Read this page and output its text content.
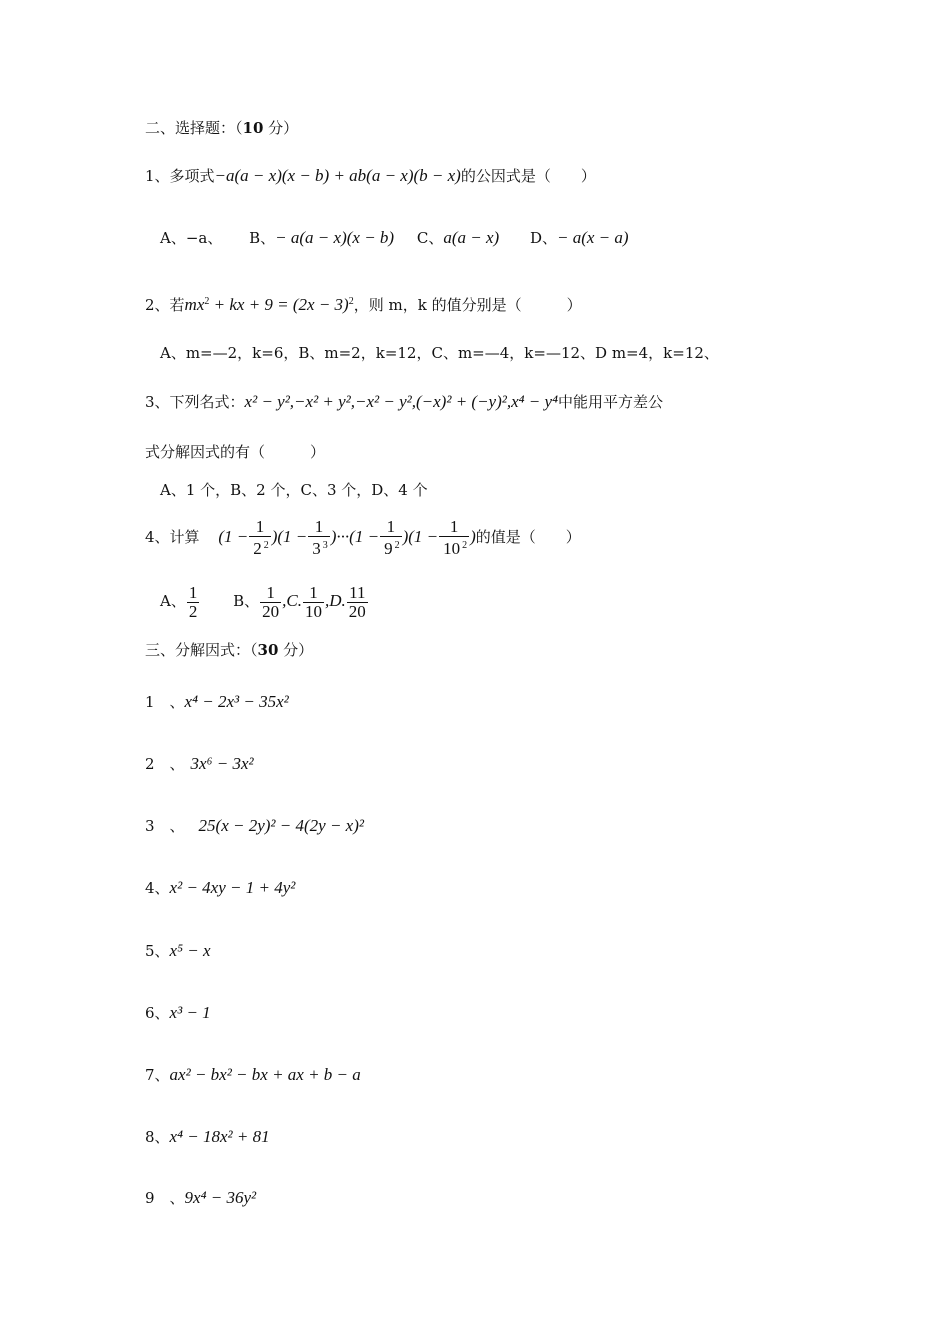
二、选择题：（10 分）
1、多项式−a(a − x)(x − b) + ab(a − x)(b − x)的公因式是（　　）
A、−a、 B、− a(a − x)(x − b) C、a(a − x) D、− a(x − a)
2、若$mx^2$ + kx + $9 = (2x - 3)^2$，则 m，k 的值分别是（　　　）
A、m=—2，k=6，B、m=2，k=12，C、m=—4，k=—12、D m=4，k=12、
3、下列名式：x² − y²,−x² + y²,−x² − y²,(−x)² + (−y)²,x⁴ − y⁴中能用平方差公
式分解因式的有（　　　）
A、1 个，B、2 个，C、3 个，D、4 个
4、计算 $(1 - \frac{1}{2 ^2} )(1 - \frac{1}{3 ^3} )\cdot\cdot\cdot(1 - \frac{1}{9 ^2} )(1 - \frac{1}{10 ^2}$ )的值是（　　）
A、 $\frac{1}{2}$ B、 $\frac{1}{20} ,C$. $\frac{1}{10} ,D$. $\frac{11}{20}$
三、分解因式：（30 分）
1　、x⁴ − 2x³ − 35x²
2　、 3x⁶ − 3x²
3　、 25(x − 2y)² − 4(2y − x)²
4、x² − 4xy − 1 + 4y²
5、x⁵ − x
6、x³ − 1
7、ax² − bx² − bx + ax + b − a
8、x⁴ − 18x² + 81
9　、9x⁴ − 36y²
